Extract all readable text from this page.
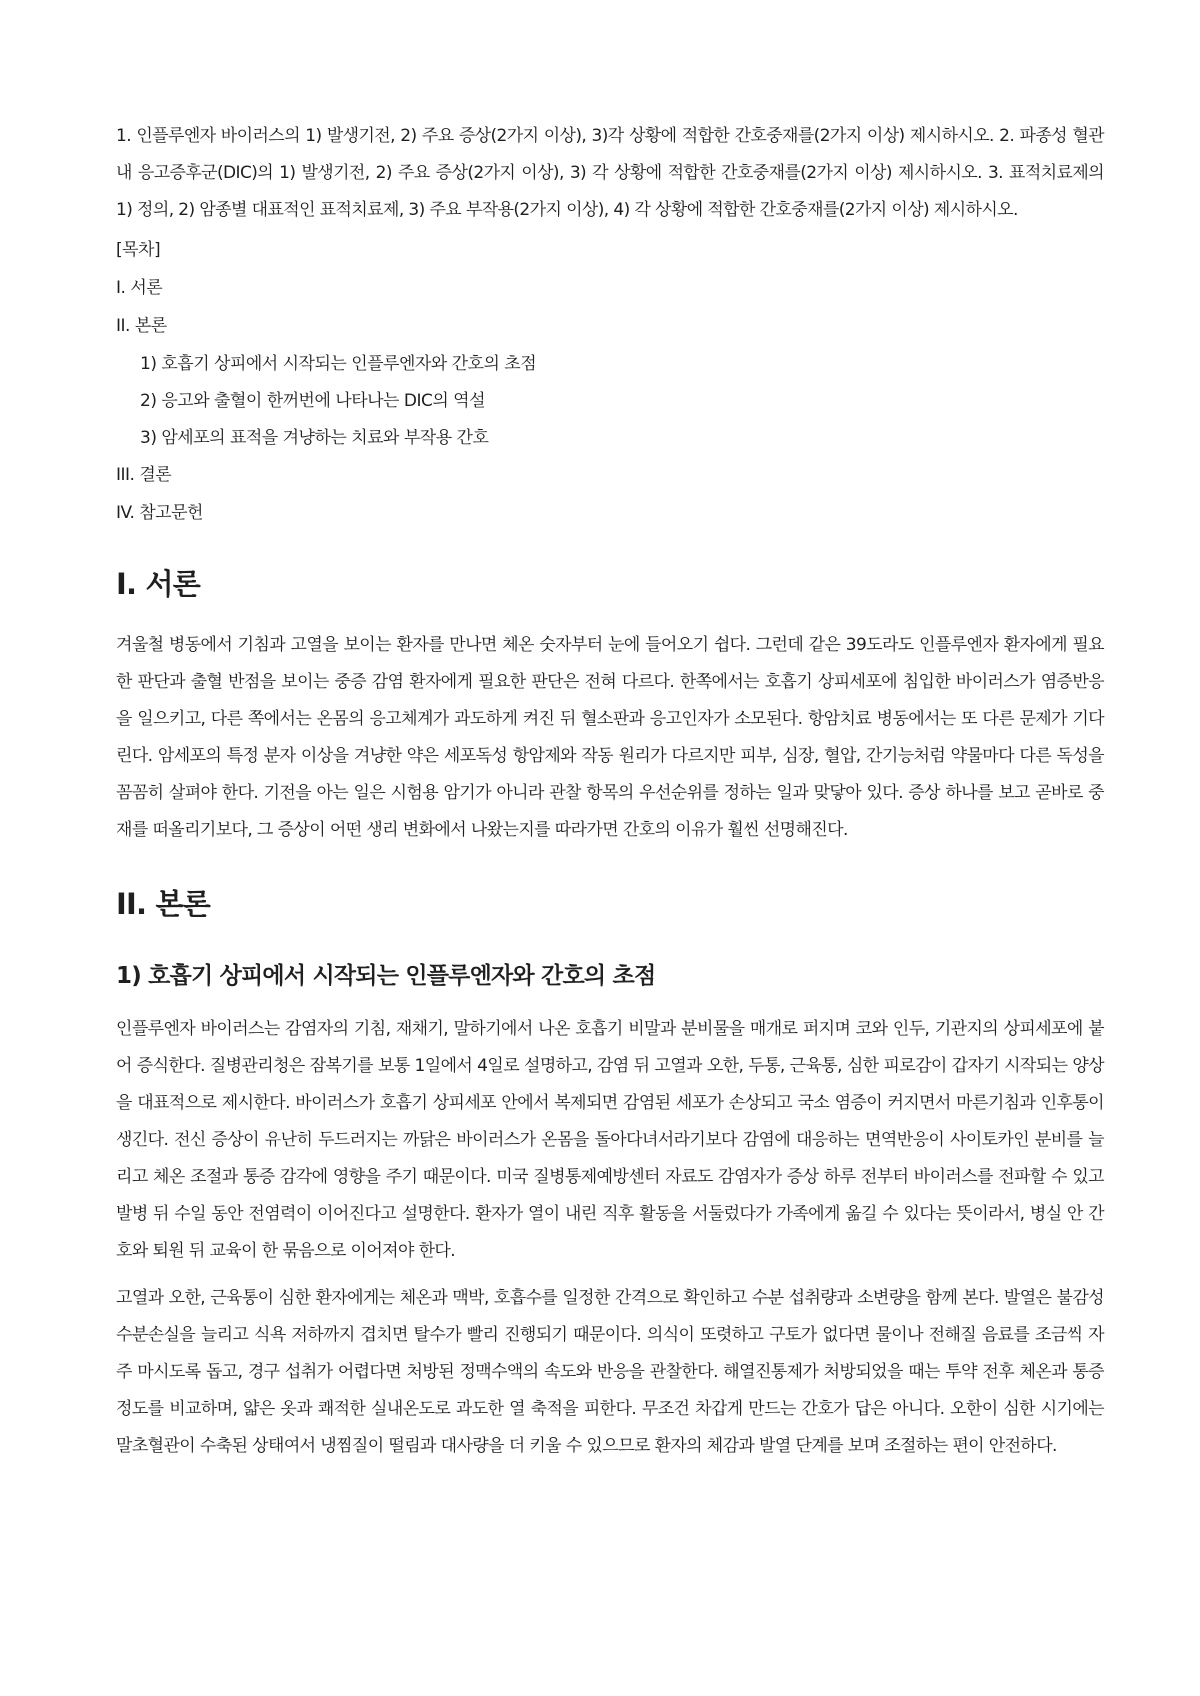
1. 인플루엔자 바이러스의 1) 발생기전, 2) 주요 증상(2가지 이상), 3)각 상황에 적합한 간호중재를(2가지 이상) 제시하시오. 2. 파종성 혈관 내 응고증후군(DIC)의 1) 발생기전, 2) 주요 증상(2가지 이상), 3) 각 상황에 적합한 간호중재를(2가지 이상) 제시하시오. 3. 표적치료제의 1) 정의, 2) 암종별 대표적인 표적치료제, 3) 주요 부작용(2가지 이상), 4) 각 상황에 적합한 간호중재를(2가지 이상) 제시하시오.

[목차]

I. 서론

II. 본론

1) 호흡기 상피에서 시작되는 인플루엔자와 간호의 초점

2) 응고와 출혈이 한꺼번에 나타나는 DIC의 역설

3) 암세포의 표적을 겨냥하는 치료와 부작용 간호

III. 결론

IV. 참고문헌

I. 서론

겨울철 병동에서 기침과 고열을 보이는 환자를 만나면 체온 숫자부터 눈에 들어오기 쉽다. 그런데 같은 39도라도 인플루엔자 환자에게 필요한 판단과 출혈 반점을 보이는 중증 감염 환자에게 필요한 판단은 전혀 다르다. 한쪽에서는 호흡기 상피세포에 침입한 바이러스가 염증반응을 일으키고, 다른 쪽에서는 온몸의 응고체계가 과도하게 켜진 뒤 혈소판과 응고인자가 소모된다. 항암치료 병동에서는 또 다른 문제가 기다린다. 암세포의 특정 분자 이상을 겨냥한 약은 세포독성 항암제와 작동 원리가 다르지만 피부, 심장, 혈압, 간기능처럼 약물마다 다른 독성을 꼼꼼히 살펴야 한다. 기전을 아는 일은 시험용 암기가 아니라 관찰 항목의 우선순위를 정하는 일과 맞닿아 있다. 증상 하나를 보고 곧바로 중재를 떠올리기보다, 그 증상이 어떤 생리 변화에서 나왔는지를 따라가면 간호의 이유가 훨씬 선명해진다.

II. 본론
1) 호흡기 상피에서 시작되는 인플루엔자와 간호의 초점

인플루엔자 바이러스는 감염자의 기침, 재채기, 말하기에서 나온 호흡기 비말과 분비물을 매개로 퍼지며 코와 인두, 기관지의 상피세포에 붙어 증식한다. 질병관리청은 잠복기를 보통 1일에서 4일로 설명하고, 감염 뒤 고열과 오한, 두통, 근육통, 심한 피로감이 갑자기 시작되는 양상을 대표적으로 제시한다. 바이러스가 호흡기 상피세포 안에서 복제되면 감염된 세포가 손상되고 국소 염증이 커지면서 마른기침과 인후통이 생긴다. 전신 증상이 유난히 두드러지는 까닭은 바이러스가 온몸을 돌아다녀서라기보다 감염에 대응하는 면역반응이 사이토카인 분비를 늘리고 체온 조절과 통증 감각에 영향을 주기 때문이다. 미국 질병통제예방센터 자료도 감염자가 증상 하루 전부터 바이러스를 전파할 수 있고 발병 뒤 수일 동안 전염력이 이어진다고 설명한다. 환자가 열이 내린 직후 활동을 서둘렀다가 가족에게 옮길 수 있다는 뜻이라서, 병실 안 간호와 퇴원 뒤 교육이 한 묶음으로 이어져야 한다.

고열과 오한, 근육통이 심한 환자에게는 체온과 맥박, 호흡수를 일정한 간격으로 확인하고 수분 섭취량과 소변량을 함께 본다. 발열은 불감성 수분손실을 늘리고 식욕 저하까지 겹치면 탈수가 빨리 진행되기 때문이다. 의식이 또렷하고 구토가 없다면 물이나 전해질 음료를 조금씩 자주 마시도록 돕고, 경구 섭취가 어렵다면 처방된 정맥수액의 속도와 반응을 관찰한다. 해열진통제가 처방되었을 때는 투약 전후 체온과 통증 정도를 비교하며, 얇은 옷과 쾌적한 실내온도로 과도한 열 축적을 피한다. 무조건 차갑게 만드는 간호가 답은 아니다. 오한이 심한 시기에는 말초혈관이 수축된 상태여서 냉찜질이 떨림과 대사량을 더 키울 수 있으므로 환자의 체감과 발열 단계를 보며 조절하는 편이 안전하다.
